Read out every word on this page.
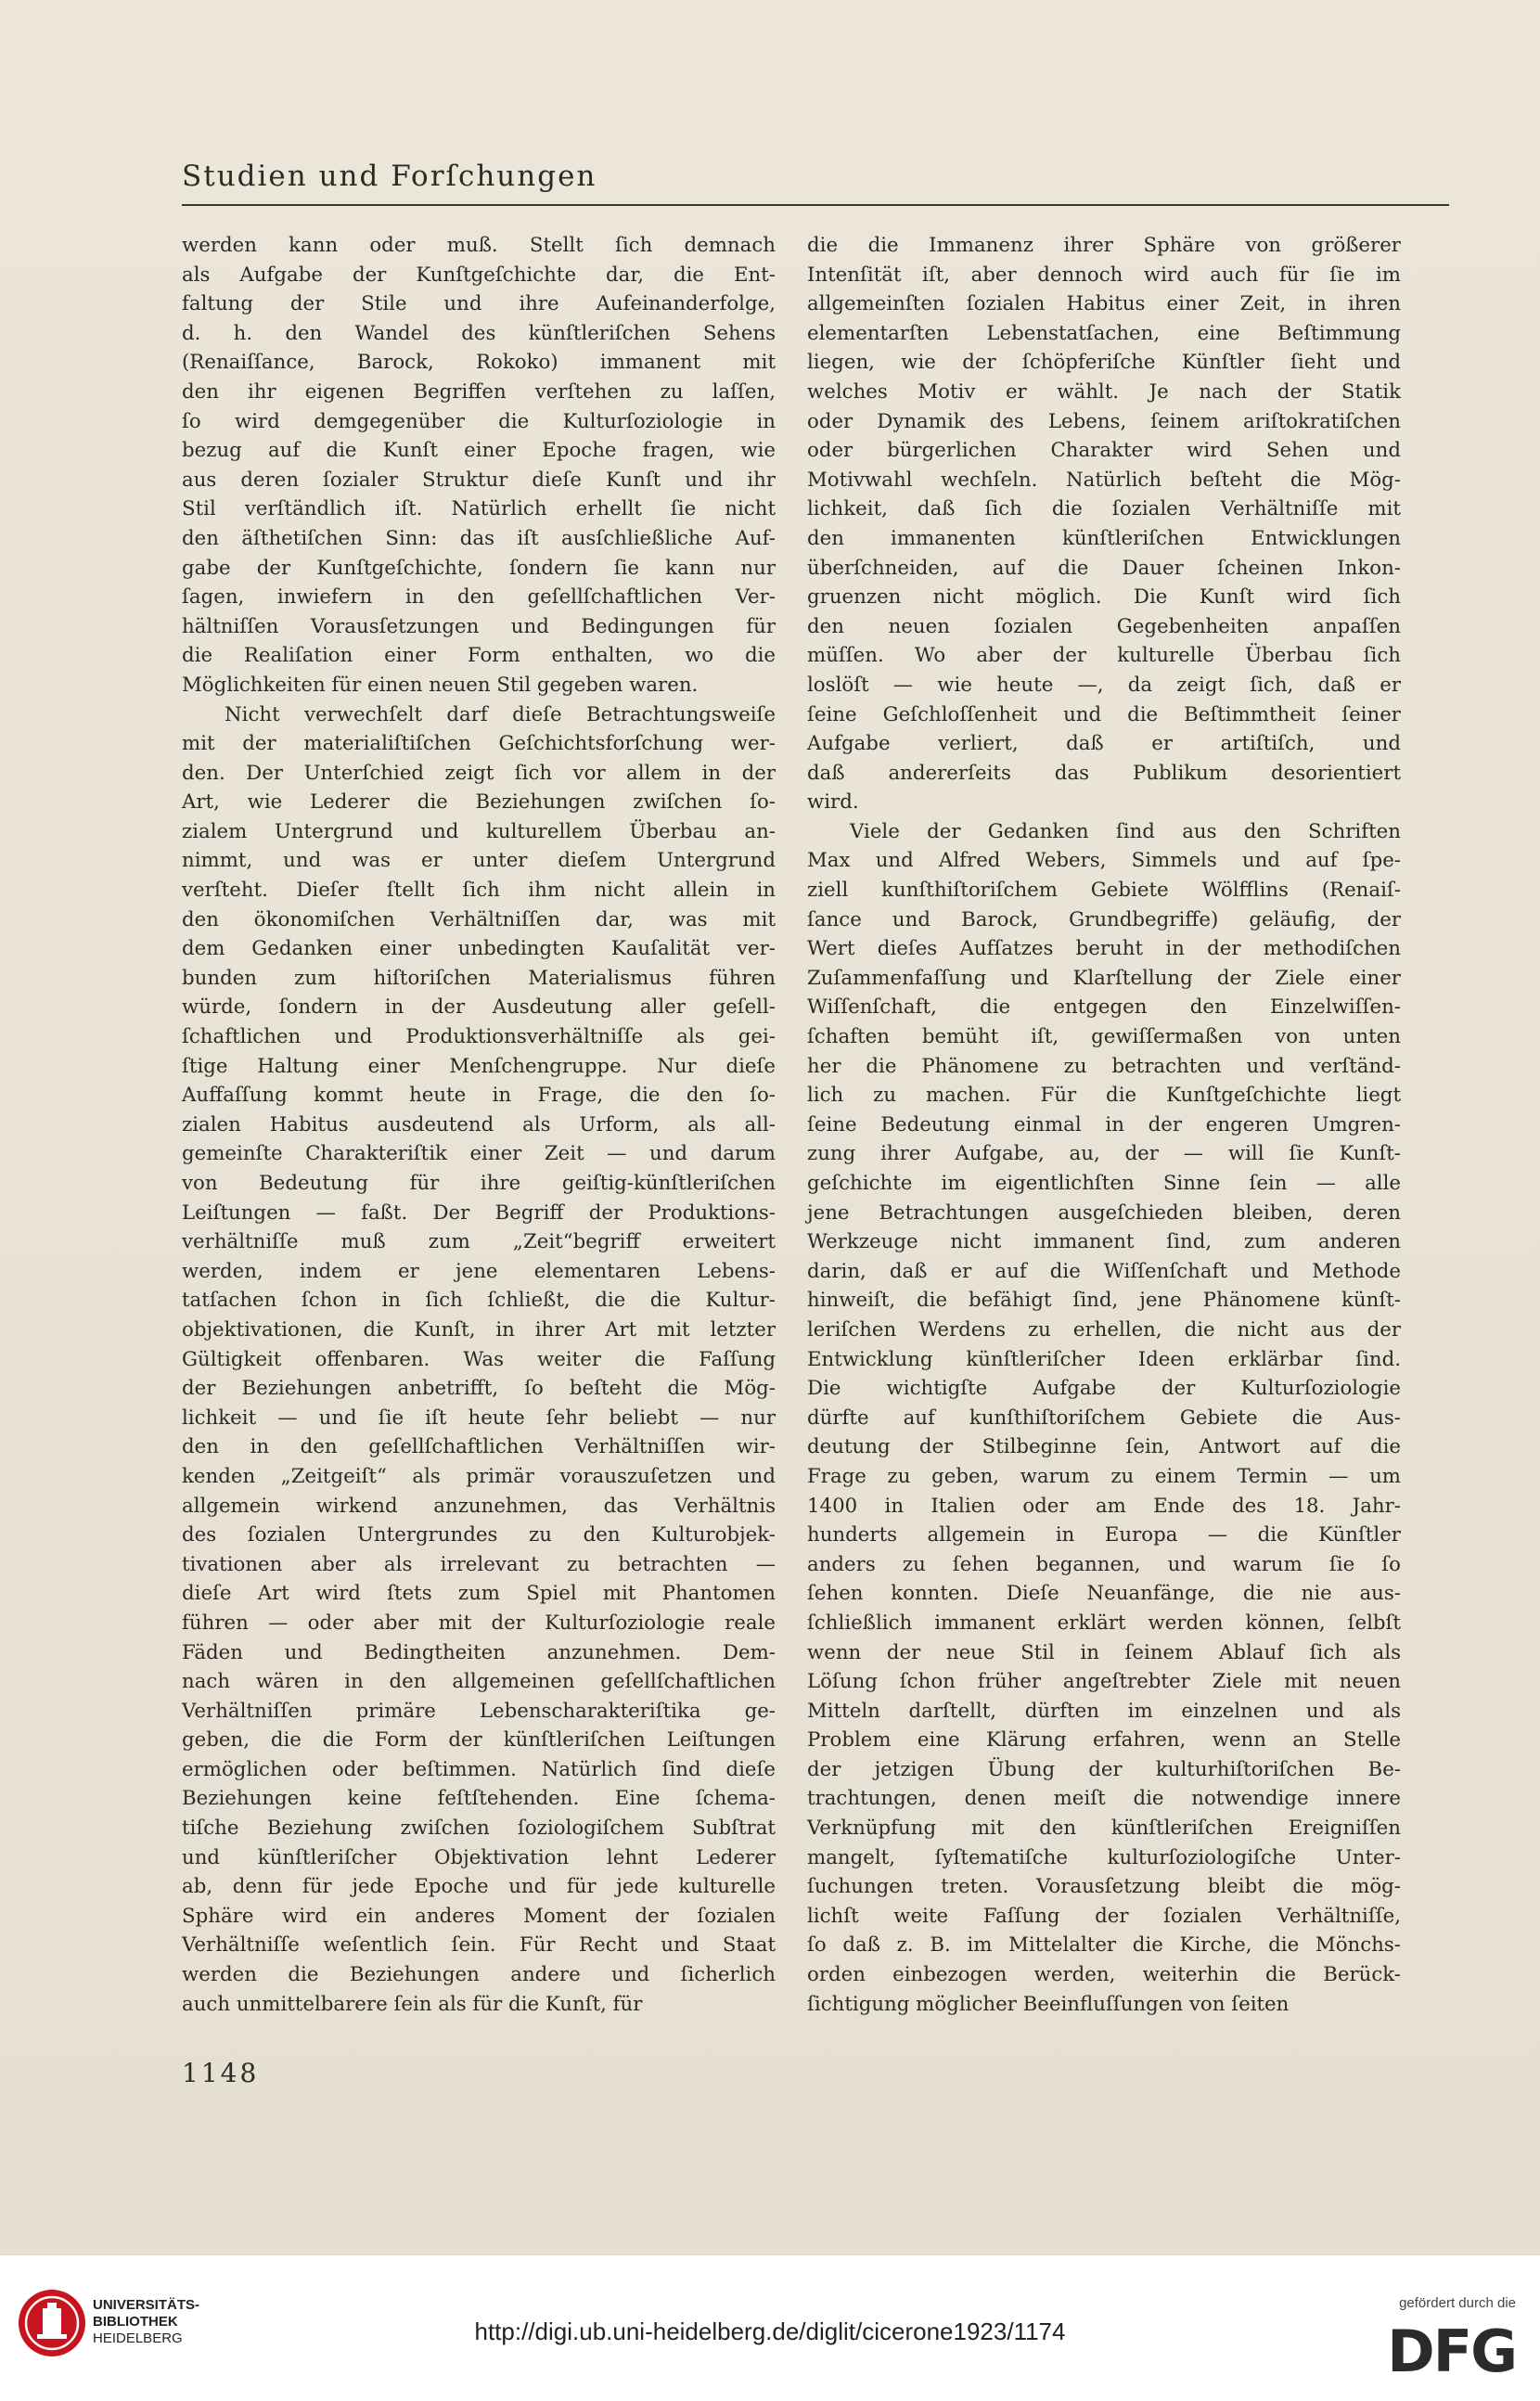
Studien und Forſchungen
werden kann oder muß. Stellt ſich demnach
als Aufgabe der Kunſtgeſchichte dar, die Ent-
faltung der Stile und ihre Aufeinanderfolge,
d. h. den Wandel des künſtleriſchen Sehens
(Renaiſſance, Barock, Rokoko) immanent mit
den ihr eigenen Begriffen verſtehen zu laſſen,
ſo wird demgegenüber die Kulturſoziologie in
bezug auf die Kunſt einer Epoche fragen, wie
aus deren ſozialer Struktur dieſe Kunſt und ihr
Stil verſtändlich iſt. Natürlich erhellt ſie nicht
den äſthetiſchen Sinn: das iſt ausſchließliche Auf-
gabe der Kunſtgeſchichte, ſondern ſie kann nur
ſagen, inwiefern in den geſellſchaftlichen Ver-
hältniſſen Vorausſetzungen und Bedingungen für
die Realiſation einer Form enthalten, wo die
Möglichkeiten für einen neuen Stil gegeben waren.
Nicht verwechſelt darf dieſe Betrachtungsweiſe
mit der materialiſtiſchen Geſchichtsforſchung wer-
den. Der Unterſchied zeigt ſich vor allem in der
Art, wie Lederer die Beziehungen zwiſchen ſo-
zialem Untergrund und kulturellem Überbau an-
nimmt, und was er unter dieſem Untergrund
verſteht. Dieſer ſtellt ſich ihm nicht allein in
den ökonomiſchen Verhältniſſen dar, was mit
dem Gedanken einer unbedingten Kauſalität ver-
bunden zum hiſtoriſchen Materialismus führen
würde, ſondern in der Ausdeutung aller geſell-
ſchaftlichen und Produktionsverhältniſſe als gei-
ſtige Haltung einer Menſchengruppe. Nur dieſe
Auffaſſung kommt heute in Frage, die den ſo-
zialen Habitus ausdeutend als Urform, als all-
gemeinſte Charakteriſtik einer Zeit — und darum
von Bedeutung für ihre geiſtig-künſtleriſchen
Leiſtungen — faßt. Der Begriff der Produktions-
verhältniſſe muß zum „Zeit“begriff erweitert
werden, indem er jene elementaren Lebens-
tatſachen ſchon in ſich ſchließt, die die Kultur-
objektivationen, die Kunſt, in ihrer Art mit letzter
Gültigkeit offenbaren. Was weiter die Faſſung
der Beziehungen anbetrifft, ſo beſteht die Mög-
lichkeit — und ſie iſt heute ſehr beliebt — nur
den in den geſellſchaftlichen Verhältniſſen wir-
kenden „Zeitgeiſt“ als primär vorauszuſetzen und
allgemein wirkend anzunehmen, das Verhältnis
des ſozialen Untergrundes zu den Kulturobjek-
tivationen aber als irrelevant zu betrachten —
dieſe Art wird ſtets zum Spiel mit Phantomen
führen — oder aber mit der Kulturſoziologie reale
Fäden und Bedingtheiten anzunehmen. Dem-
nach wären in den allgemeinen geſellſchaftlichen
Verhältniſſen primäre Lebenscharakteriſtika ge-
geben, die die Form der künſtleriſchen Leiſtungen
ermöglichen oder beſtimmen. Natürlich ſind dieſe
Beziehungen keine feſtſtehenden. Eine ſchema-
tiſche Beziehung zwiſchen ſoziologiſchem Subſtrat
und künſtleriſcher Objektivation lehnt Lederer
ab, denn für jede Epoche und für jede kulturelle
Sphäre wird ein anderes Moment der ſozialen
Verhältniſſe weſentlich ſein. Für Recht und Staat
werden die Beziehungen andere und ſicherlich
auch unmittelbarere ſein als für die Kunſt, für
die die Immanenz ihrer Sphäre von größerer
Intenſität iſt, aber dennoch wird auch für ſie im
allgemeinſten ſozialen Habitus einer Zeit, in ihren
elementarſten Lebenstatſachen, eine Beſtimmung
liegen, wie der ſchöpferiſche Künſtler ſieht und
welches Motiv er wählt. Je nach der Statik
oder Dynamik des Lebens, ſeinem ariſtokratiſchen
oder bürgerlichen Charakter wird Sehen und
Motivwahl wechſeln. Natürlich beſteht die Mög-
lichkeit, daß ſich die ſozialen Verhältniſſe mit
den immanenten künſtleriſchen Entwicklungen
überſchneiden, auf die Dauer ſcheinen Inkon-
gruenzen nicht möglich. Die Kunſt wird ſich
den neuen ſozialen Gegebenheiten anpaſſen
müſſen. Wo aber der kulturelle Überbau ſich
loslöſt — wie heute —, da zeigt ſich, daß er
ſeine Geſchloſſenheit und die Beſtimmtheit ſeiner
Aufgabe verliert, daß er artiſtiſch, und
daß andererſeits das Publikum desorientiert
wird.
Viele der Gedanken ſind aus den Schriften
Max und Alfred Webers, Simmels und auf ſpe-
ziell kunſthiſtoriſchem Gebiete Wölfflins (Renaiſ-
ſance und Barock, Grundbegriffe) geläufig, der
Wert dieſes Aufſatzes beruht in der methodiſchen
Zuſammenfaſſung und Klarſtellung der Ziele einer
Wiſſenſchaft, die entgegen den Einzelwiſſen-
ſchaften bemüht iſt, gewiſſermaßen von unten
her die Phänomene zu betrachten und verſtänd-
lich zu machen. Für die Kunſtgeſchichte liegt
ſeine Bedeutung einmal in der engeren Umgren-
zung ihrer Aufgabe, au, der — will ſie Kunſt-
geſchichte im eigentlichſten Sinne ſein — alle
jene Betrachtungen ausgeſchieden bleiben, deren
Werkzeuge nicht immanent ſind, zum anderen
darin, daß er auf die Wiſſenſchaft und Methode
hinweiſt, die befähigt ſind, jene Phänomene künſt-
leriſchen Werdens zu erhellen, die nicht aus der
Entwicklung künſtleriſcher Ideen erklärbar ſind.
Die wichtigſte Aufgabe der Kulturſoziologie
dürfte auf kunſthiſtoriſchem Gebiete die Aus-
deutung der Stilbeginne ſein, Antwort auf die
Frage zu geben, warum zu einem Termin — um
1400 in Italien oder am Ende des 18. Jahr-
hunderts allgemein in Europa — die Künſtler
anders zu ſehen begannen, und warum ſie ſo
ſehen konnten. Dieſe Neuanfänge, die nie aus-
ſchließlich immanent erklärt werden können, ſelbſt
wenn der neue Stil in ſeinem Ablauf ſich als
Löſung ſchon früher angeſtrebter Ziele mit neuen
Mitteln darſtellt, dürften im einzelnen und als
Problem eine Klärung erfahren, wenn an Stelle
der jetzigen Übung der kulturhiſtoriſchen Be-
trachtungen, denen meiſt die notwendige innere
Verknüpfung mit den künſtleriſchen Ereigniſſen
mangelt, ſyſtematiſche kulturſoziologiſche Unter-
ſuchungen treten. Vorausſetzung bleibt die mög-
lichſt weite Faſſung der ſozialen Verhältniſſe,
ſo daß z. B. im Mittelalter die Kirche, die Mönchs-
orden einbezogen werden, weiterhin die Berück-
ſichtigung möglicher Beeinfluſſungen von ſeiten
1148
UNIVERSITÄTS-
BIBLIOTHEK
HEIDELBERG	http://digi.ub.uni-heidelberg.de/diglit/cicerone1923/1174
gefördert durch die
DFG
